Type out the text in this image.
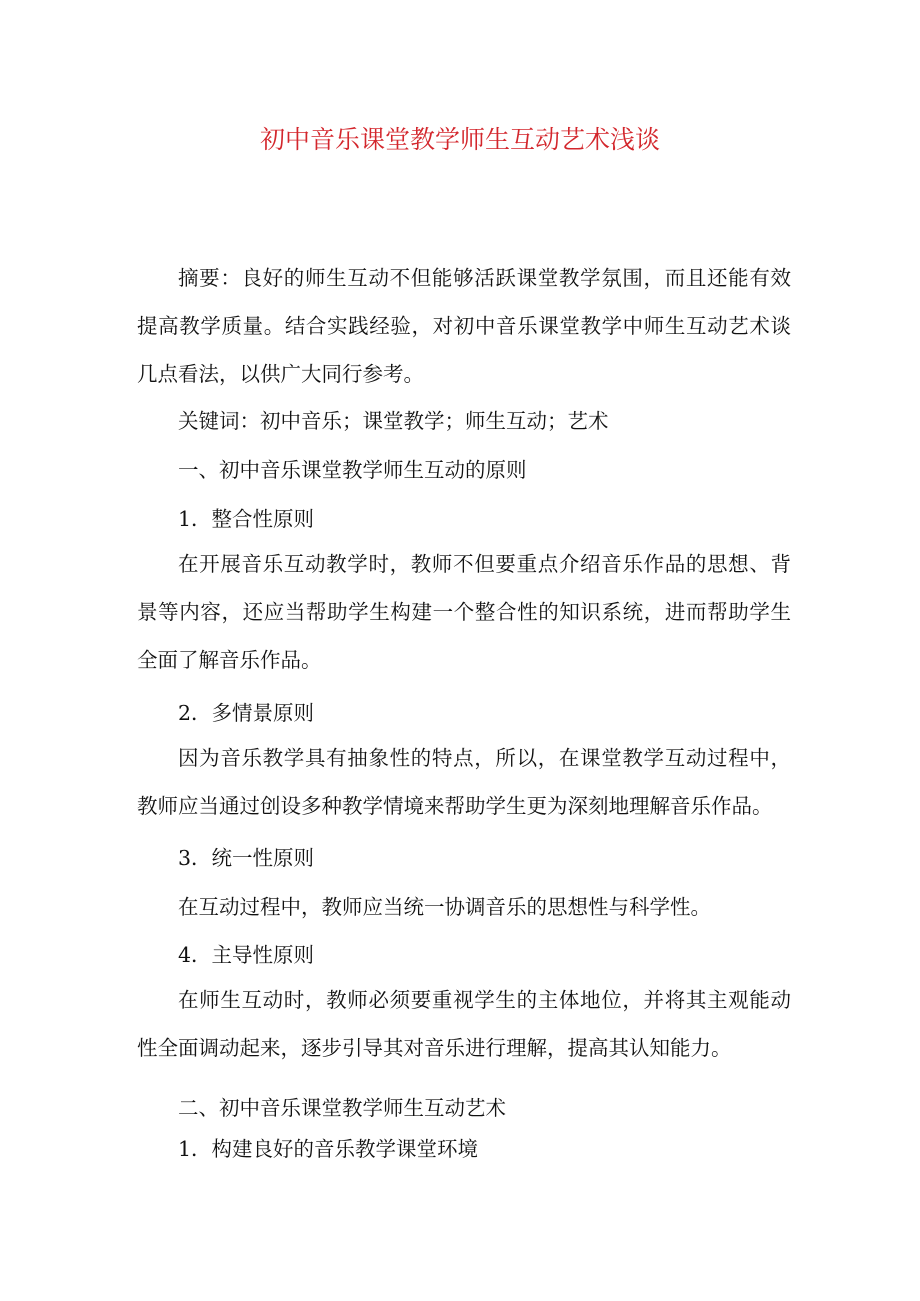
初中音乐课堂教学师生互动艺术浅谈

摘要：良好的师生互动不但能够活跃课堂教学氛围，而且还能有效提高教学质量。结合实践经验，对初中音乐课堂教学中师生互动艺术谈几点看法，以供广大同行参考。

关键词：初中音乐；课堂教学；师生互动；艺术

一、初中音乐课堂教学师生互动的原则

1．整合性原则

在开展音乐互动教学时，教师不但要重点介绍音乐作品的思想、背景等内容，还应当帮助学生构建一个整合性的知识系统，进而帮助学生全面了解音乐作品。

2．多情景原则

因为音乐教学具有抽象性的特点，所以，在课堂教学互动过程中，教师应当通过创设多种教学情境来帮助学生更为深刻地理解音乐作品。

3．统一性原则

在互动过程中，教师应当统一协调音乐的思想性与科学性。

4．主导性原则

在师生互动时，教师必须要重视学生的主体地位，并将其主观能动性全面调动起来，逐步引导其对音乐进行理解，提高其认知能力。

二、初中音乐课堂教学师生互动艺术

1．构建良好的音乐教学课堂环境
